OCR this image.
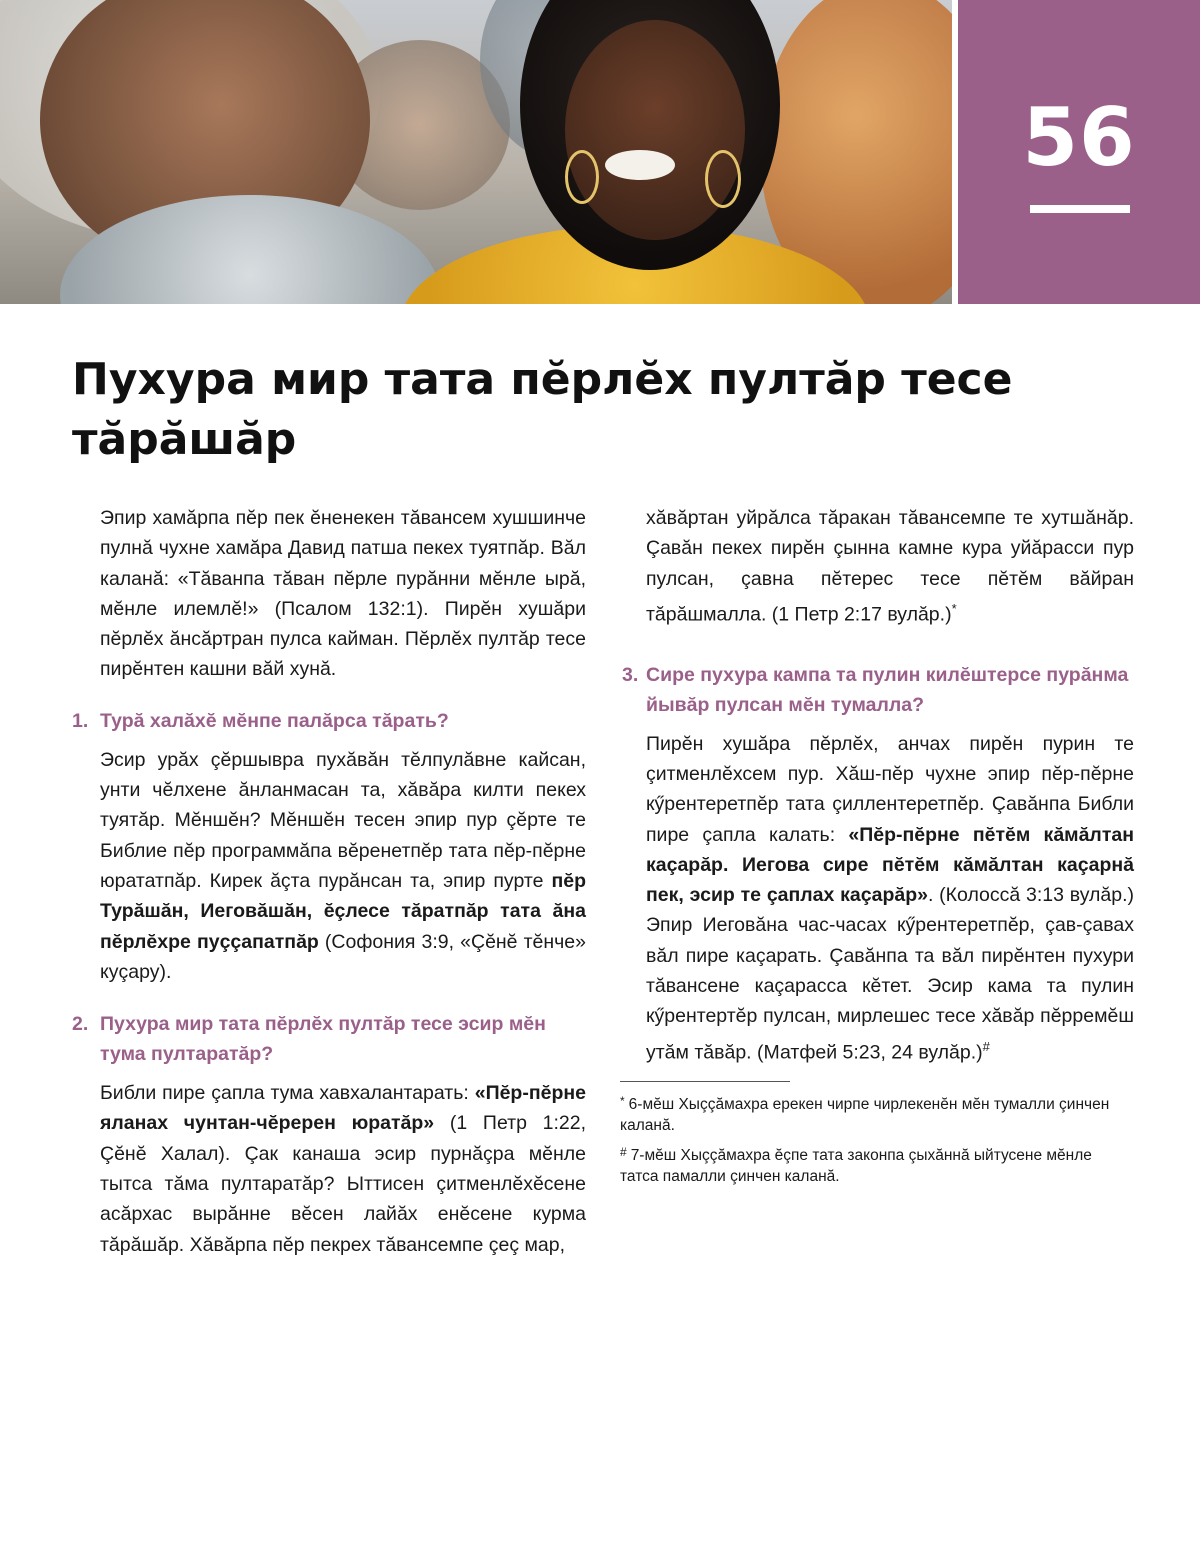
56
Пухура мир тата пĕрлĕх пултăр тесе тăрăшăр

Эпир хамăрпа пĕр пек ĕненекен тăвансем хушшинче пулнă чухне хамăра Давид патша пекех туятпăр. Вăл каланă: «Тăванпа тăван пĕрле пурăнни мĕнле ырă, мĕнле илемлĕ!» (Псалом 132:1). Пирĕн хушăри пĕрлĕх ăнсăртран пулса кайман. Пĕрлĕх пултăр тесе пирĕнтен кашни вăй хунă.

1. Турă халăхĕ мĕнпе палăрса тăрать?

Эсир урăх çĕршывра пухăвăн тĕлпулăвне кайсан, унти чĕлхене ăнланмасан та, хăвăра килти пекех туятăр. Мĕншĕн? Мĕншĕн тесен эпир пур çĕрте те Библие пĕр программăпа вĕренетпĕр тата пĕр-пĕрне юрататпăр. Кирек ăçта пурăнсан та, эпир пурте пĕр Турăшăн, Иеговăшăн, ĕçлесе тăратпăр тата ăна пĕрлĕхре пуççапатпăр (Софония 3:9, «Çĕнĕ тĕнче» куçару).

2. Пухура мир тата пĕрлĕх пултăр тесе эсир мĕн тума пултаратăр?

Библи пире çапла тума хавхалантарать: «Пĕр-пĕрне яланах чунтан-чĕререн юратăр» (1 Петр 1:22, Çĕнĕ Халал). Çак канаша эсир пурнăçра мĕнле тытса тăма пултаратăр? Ыттисен çитменлĕхĕсене асăрхас вырăнне вĕсен лайăх енĕсене курма тăрăшăр. Хăвăрпа пĕр пекрех тăвансемпе çеç мар,

3. Сире пухура кампа та пулин килĕштерсе пурăнма йывăр пулсан мĕн тумалла?

Пирĕн хушăра пĕрлĕх, анчах пирĕн пурин те çитменлĕхсем пур. Хăш-пĕр чухне эпир пĕр-пĕрне кӳрентеретпĕр тата çиллентеретпĕр. Çавăнпа Библи пире çапла калать: «Пĕр-пĕрне пĕтĕм кăмăлтан каçарăр. Иегова сире пĕтĕм кăмăлтан каçарнă пек, эсир те çаплах каçарăр». (Колоссă 3:13 вулăр.) Эпир Иеговăна час-часах кӳрентеретпĕр, çав-çавах вăл пире каçарать. Çавăнпа та вăл пирĕнтен пухури тăвансене каçарасса кĕтет. Эсир кама та пулин кӳрентертĕр пулсан, мирлешес тесе хăвăр пĕрремĕш утăм тăвăр. (Матфей 5:23, 24 вулăр.)#

* 6-мĕш Хыççăмахра ерекен чирпе чирлекенĕн мĕн тумалли çинчен каланă.

# 7-мĕш Хыççăмахра ĕçпе тата законпа çыхăннă ыйтусене мĕнле татса памалли çинчен каланă.

хăвăртан уйрăлса тăракан тăвансемпе те хутшăнăр. Çавăн пекех пирĕн çынна камне кура уйăрасси пур пулсан, çавна пĕтерес тесе пĕтĕм вăйран тăрăшмалла. (1 Петр 2:17 вулăр.)*
